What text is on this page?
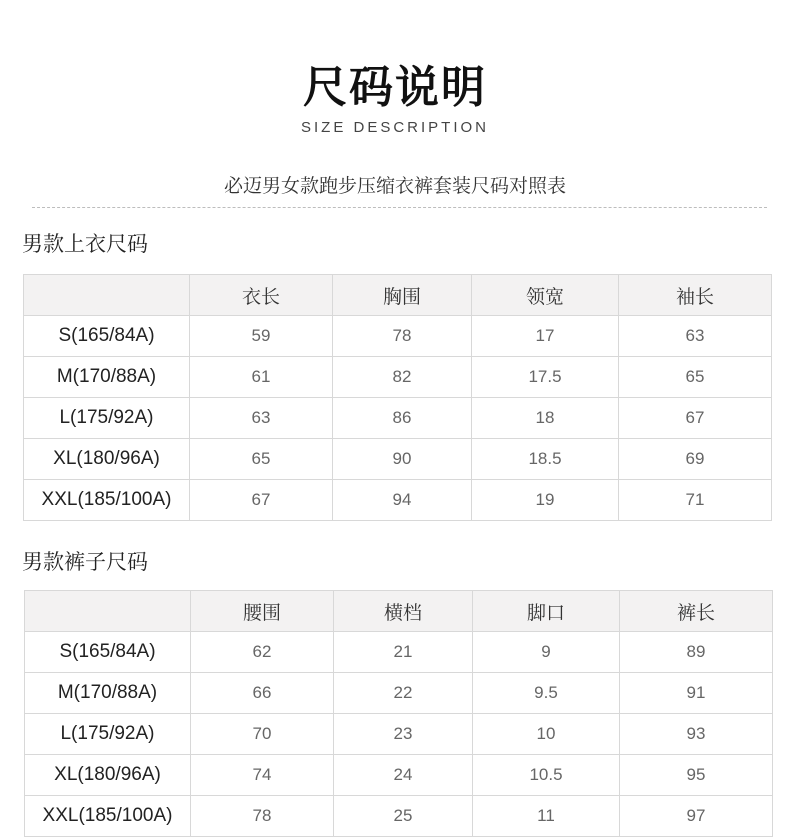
尺码说明
SIZE DESCRIPTION
必迈男女款跑步压缩衣裤套装尺码对照表
男款上衣尺码
	衣长	胸围	领宽	袖长
S(165/84A)	59	78	17	63
M(170/88A)	61	82	17.5	65
L(175/92A)	63	86	18	67
XL(180/96A)	65	90	18.5	69
XXL(185/100A)	67	94	19	71
男款裤子尺码
	腰围	横档	脚口	裤长
S(165/84A)	62	21	9	89
M(170/88A)	66	22	9.5	91
L(175/92A)	70	23	10	93
XL(180/96A)	74	24	10.5	95
XXL(185/100A)	78	25	11	97
